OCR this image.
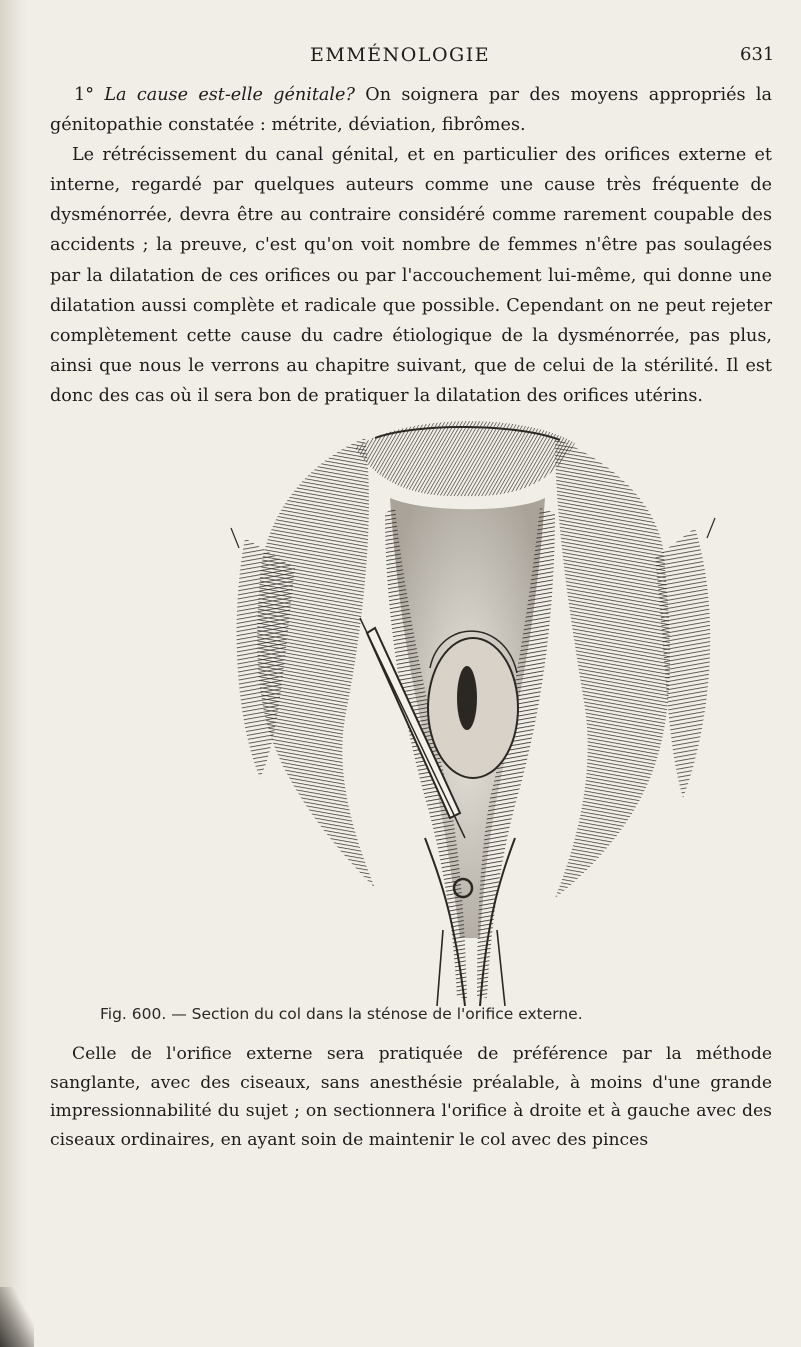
EMMÉNOLOGIE	631

1° La cause est-elle génitale? On soignera par des moyens appropriés la génitopathie constatée : métrite, déviation, fibrômes.

Le rétrécissement du canal génital, et en particulier des orifices externe et interne, regardé par quelques auteurs comme une cause très fréquente de dysménorrée, devra être au contraire considéré comme rarement coupable des accidents ; la preuve, c'est qu'on voit nombre de femmes n'être pas soulagées par la dilatation de ces orifices ou par l'accouchement lui-même, qui donne une dilatation aussi complète et radicale que possible. Cependant on ne peut rejeter complètement cette cause du cadre étiologique de la dysménorrée, pas plus, ainsi que nous le verrons au chapitre suivant, que de celui de la stérilité. Il est donc des cas où il sera bon de pratiquer la dilatation des orifices utérins.

Fig. 600. — Section du col dans la sténose de l'orifice externe.

Celle de l'orifice externe sera pratiquée de préférence par la méthode sanglante, avec des ciseaux, sans anesthésie préalable, à moins d'une grande impressionnabilité du sujet ; on sectionnera l'orifice à droite et à gauche avec des ciseaux ordinaires, en ayant soin de maintenir le col avec des pinces
